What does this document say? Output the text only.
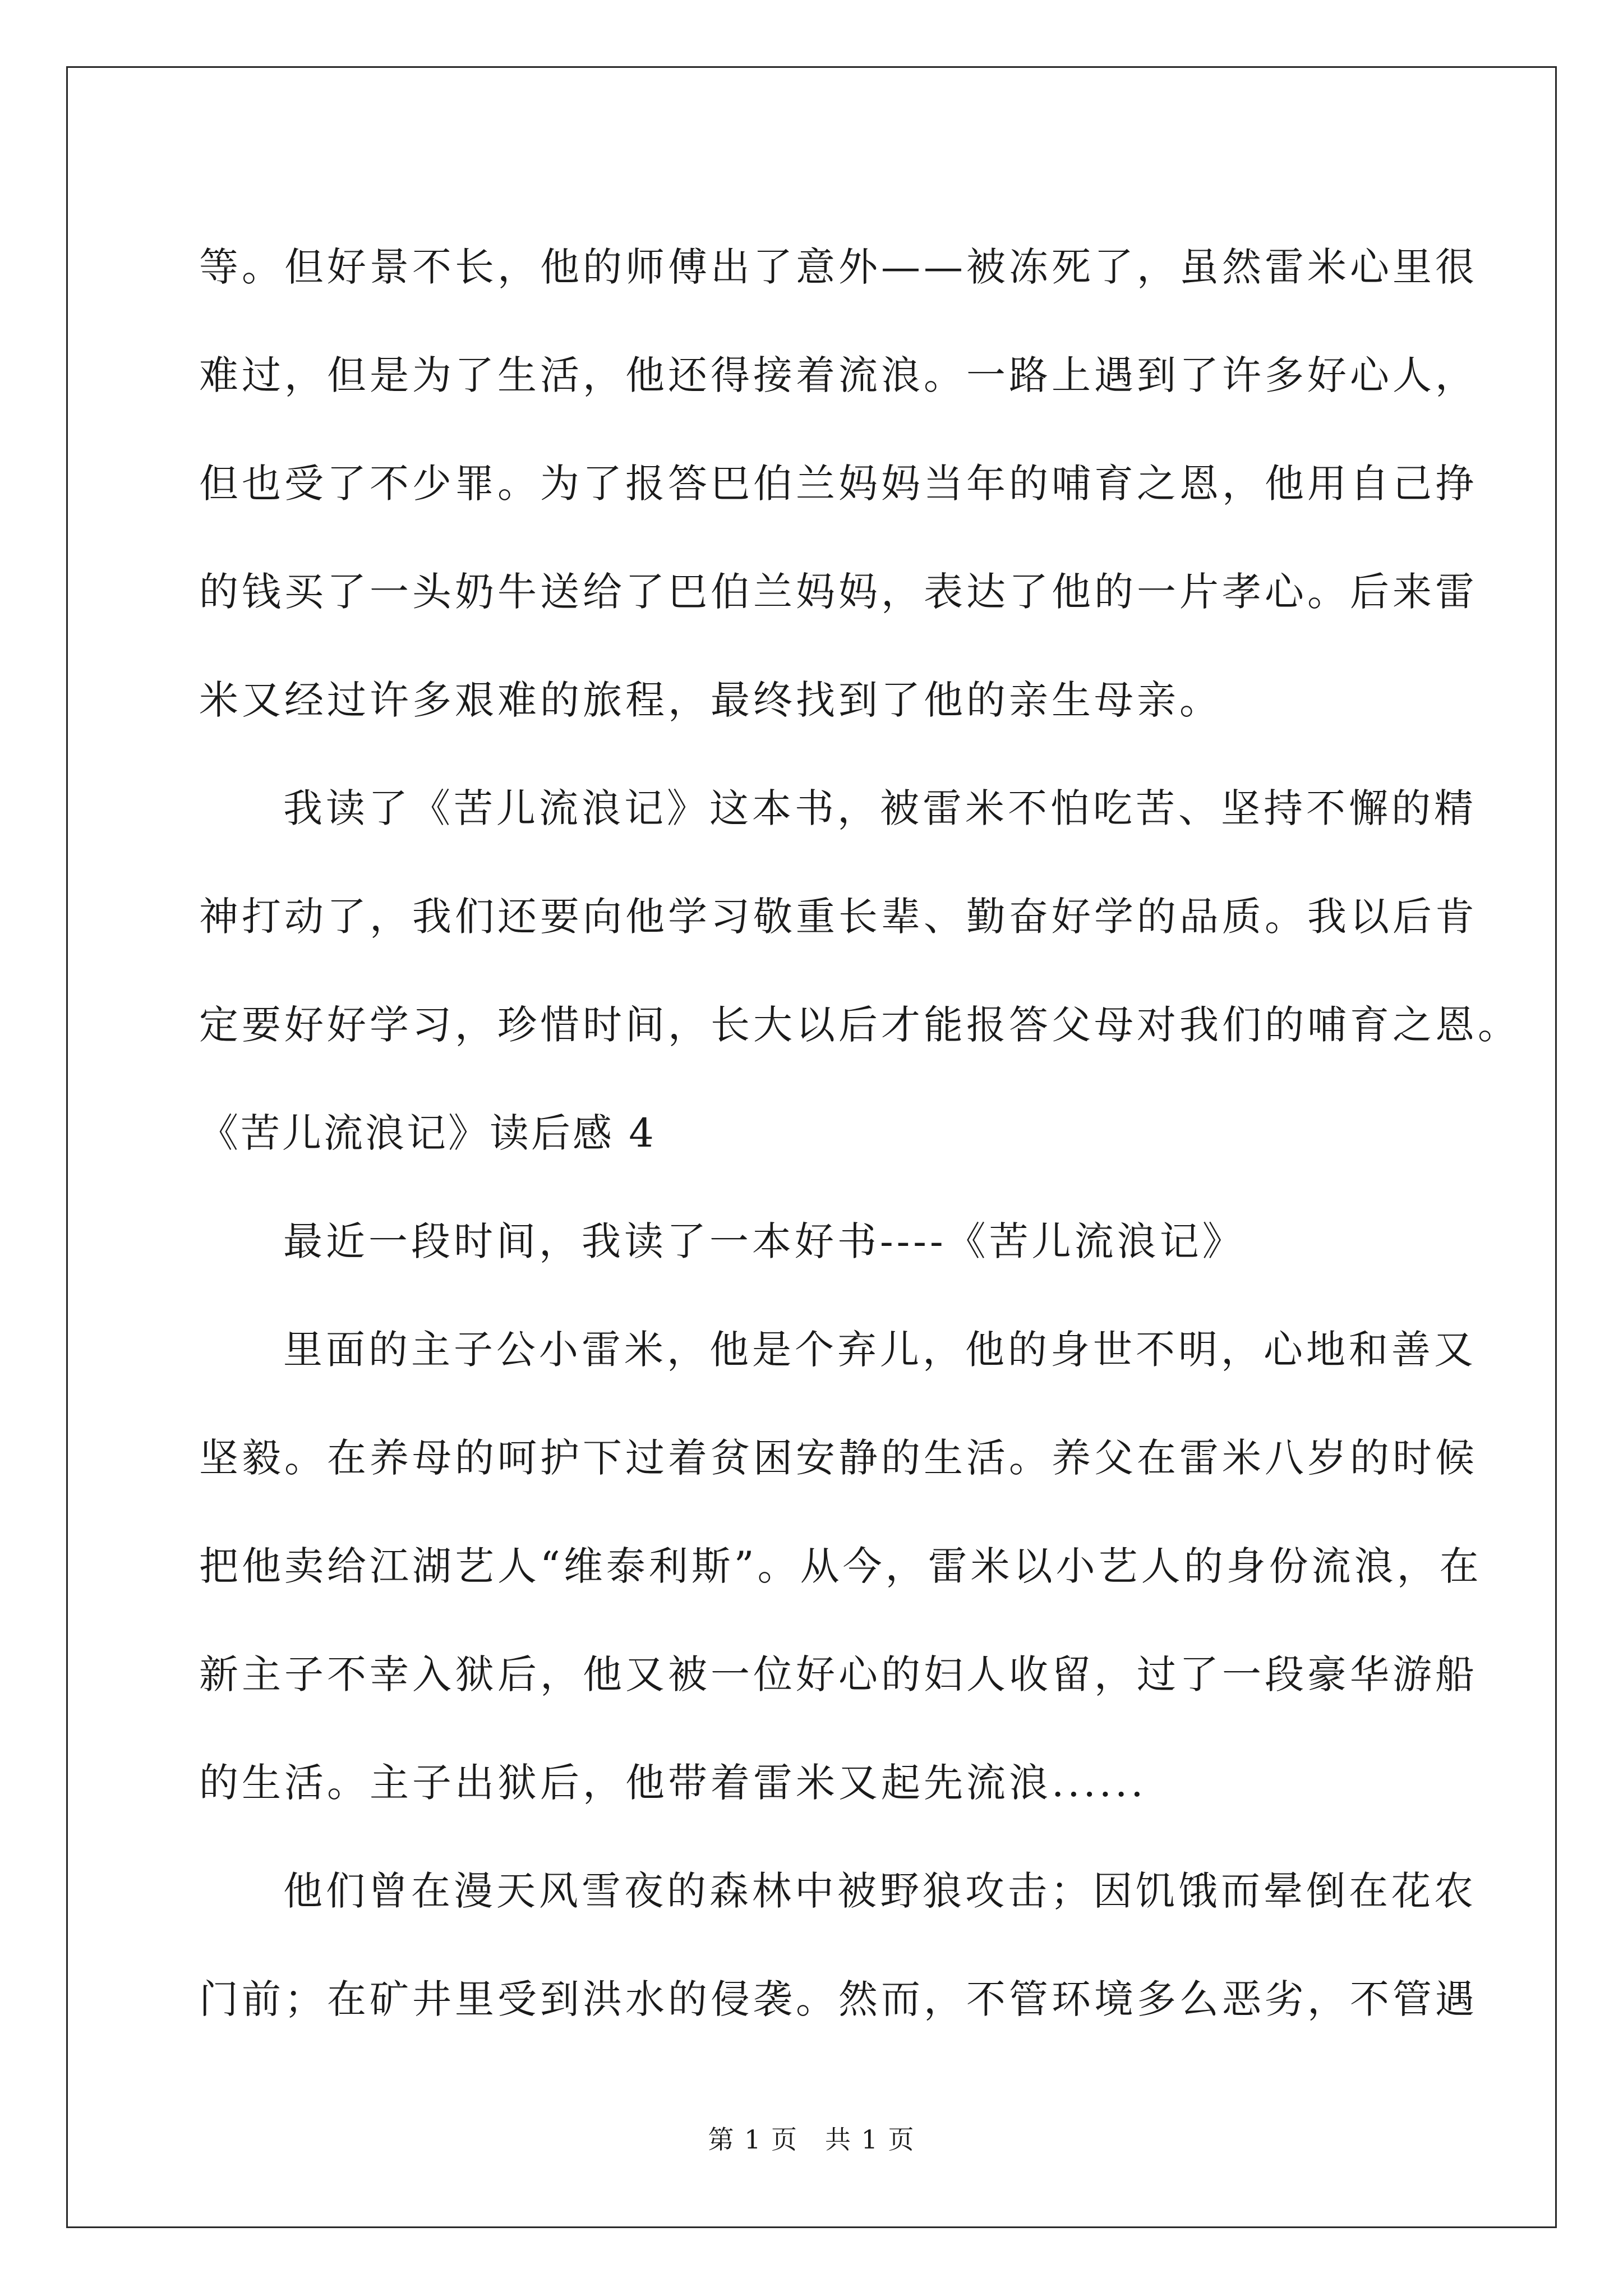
等。但好景不长，他的师傅出了意外——被冻死了，虽然雷米心里很
难过，但是为了生活，他还得接着流浪。一路上遇到了许多好心人，
但也受了不少罪。为了报答巴伯兰妈妈当年的哺育之恩，他用自己挣
的钱买了一头奶牛送给了巴伯兰妈妈，表达了他的一片孝心。后来雷
米又经过许多艰难的旅程，最终找到了他的亲生母亲。
我读了《苦儿流浪记》这本书，被雷米不怕吃苦、坚持不懈的精
神打动了，我们还要向他学习敬重长辈、勤奋好学的品质。我以后肯
定要好好学习，珍惜时间，长大以后才能报答父母对我们的哺育之恩。
《苦儿流浪记》读后感 4
最近一段时间，我读了一本好书----《苦儿流浪记》
里面的主子公小雷米，他是个弃儿，他的身世不明，心地和善又
坚毅。在养母的呵护下过着贫困安静的生活。养父在雷米八岁的时候
把他卖给江湖艺人“维泰利斯”。从今，雷米以小艺人的身份流浪，在
新主子不幸入狱后，他又被一位好心的妇人收留，过了一段豪华游船
的生活。主子出狱后，他带着雷米又起先流浪......
他们曾在漫天风雪夜的森林中被野狼攻击；因饥饿而晕倒在花农
门前；在矿井里受到洪水的侵袭。然而，不管环境多么恶劣，不管遇
第 1 页　共 1 页
